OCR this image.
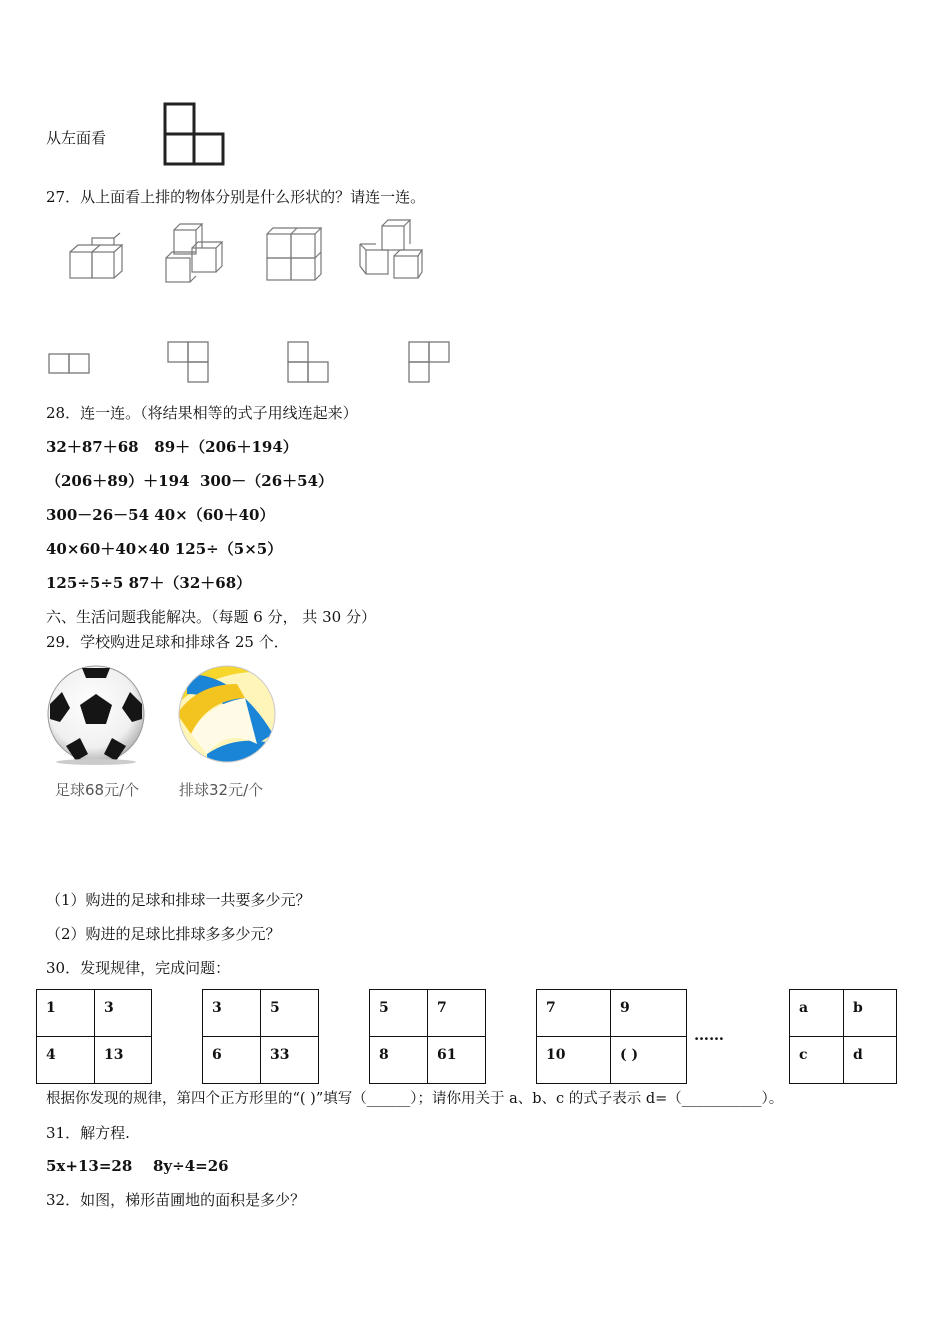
从左面看
27．从上面看上排的物体分别是什么形状的？请连一连。
28．连一连。（将结果相等的式子用线连起来）
32＋87＋68 89＋（206＋194）
（206＋89）＋194 300－（26＋54）
300－26－54 40×（60＋40）
40×60＋40×40 125÷（5×5）
125÷5÷5 87＋（32＋68）
六、生活问题我能解决。（每题 6 分， 共 30 分）
29．学校购进足球和排球各 25 个．
足球68元/个	排球32元/个
（1）购进的足球和排球一共要多少元？
（2）购进的足球比排球多多少元？
30．发现规律，完成问题：
1	3
4	13
3	5
6	33
5	7
8	61
7	9
10	( )
……
a	b
c	d
根据你发现的规律，第四个正方形里的“( )”填写（______）；请你用关于 a、b、c 的式子表示 d=（___________）。
31．解方程.
5x+13=28 8y÷4=26
32．如图，梯形苗圃地的面积是多少？
